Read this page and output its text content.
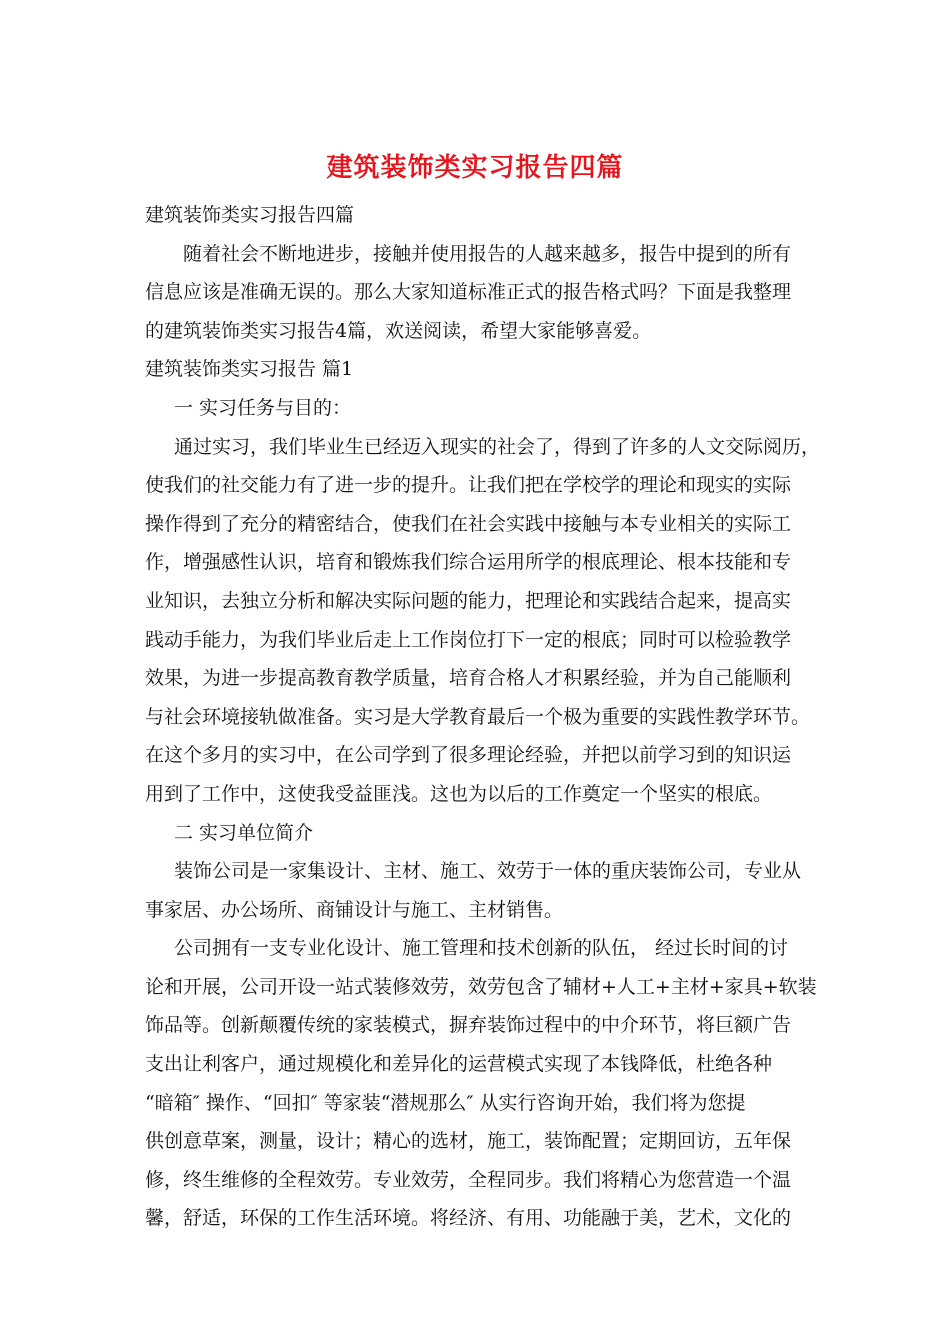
建筑装饰类实习报告四篇
建筑装饰类实习报告四篇
随着社会不断地进步，接触并使用报告的人越来越多，报告中提到的所有
信息应该是准确无误的。那么大家知道标准正式的报告格式吗？下面是我整理
的建筑装饰类实习报告4篇，欢送阅读，希望大家能够喜爱。
建筑装饰类实习报告 篇1
一 实习任务与目的：
通过实习，我们毕业生已经迈入现实的社会了，得到了许多的人文交际阅历，
使我们的社交能力有了进一步的提升。让我们把在学校学的理论和现实的实际
操作得到了充分的精密结合，使我们在社会实践中接触与本专业相关的实际工
作，增强感性认识，培育和锻炼我们综合运用所学的根底理论、根本技能和专
业知识，去独立分析和解决实际问题的能力，把理论和实践结合起来，提高实
践动手能力，为我们毕业后走上工作岗位打下一定的根底；同时可以检验教学
效果，为进一步提高教育教学质量，培育合格人才积累经验，并为自己能顺利
与社会环境接轨做准备。实习是大学教育最后一个极为重要的实践性教学环节。
在这个多月的实习中，在公司学到了很多理论经验，并把以前学习到的知识运
用到了工作中，这使我受益匪浅。这也为以后的工作奠定一个坚实的根底。
二 实习单位简介
装饰公司是一家集设计、主材、施工、效劳于一体的重庆装饰公司，专业从
事家居、办公场所、商铺设计与施工、主材销售。
公司拥有一支专业化设计、施工管理和技术创新的队伍， 经过长时间的讨
论和开展，公司开设一站式装修效劳，效劳包含了辅材+人工+主材+家具+软装
饰品等。创新颠覆传统的家装模式，摒弃装饰过程中的中介环节，将巨额广告
支出让利客户，通过规模化和差异化的运营模式实现了本钱降低，杜绝各种
“暗箱″ 操作、“回扣″ 等家装“潜规那么″ 从实行咨询开始，我们将为您提
供创意草案，测量，设计；精心的选材，施工，装饰配置；定期回访，五年保
修，终生维修的全程效劳。专业效劳，全程同步。我们将精心为您营造一个温
馨，舒适，环保的工作生活环境。将经济、有用、功能融于美，艺术，文化的
